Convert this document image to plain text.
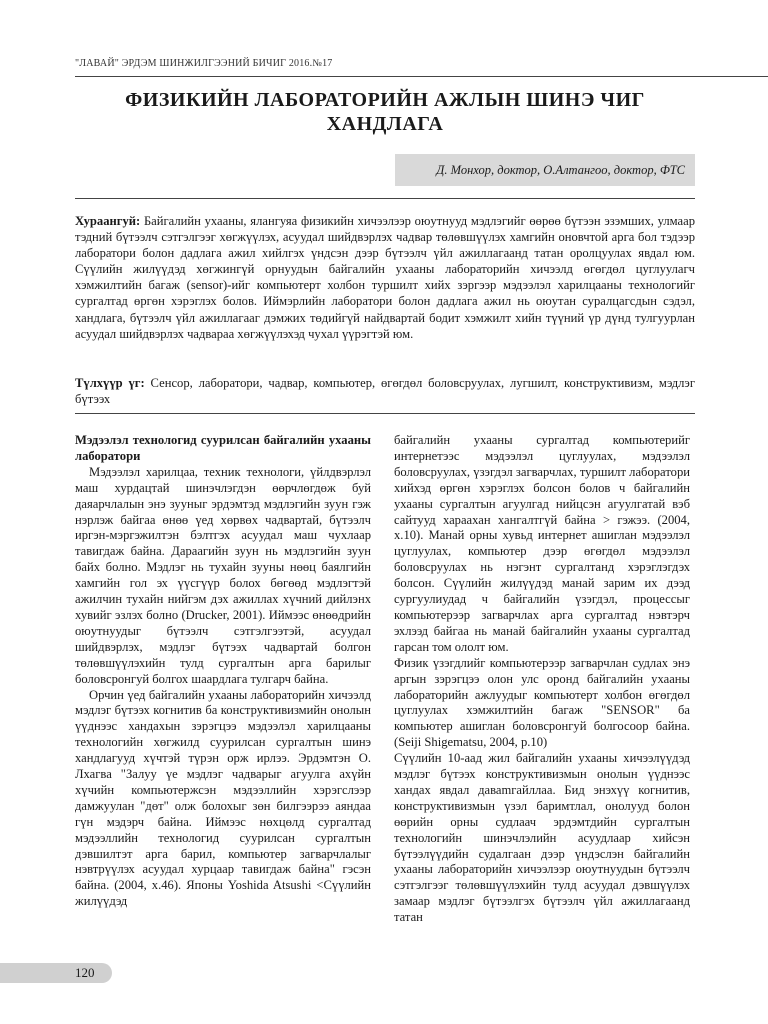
"ЛАВАЙ" ЭРДЭМ ШИНЖИЛГЭЭНИЙ БИЧИГ 2016.№17
ФИЗИКИЙН ЛАБОРАТОРИЙН АЖЛЫН ШИНЭ ЧИГ ХАНДЛАГА
Д. Монхор, доктор, О.Алтангоо, доктор, ФТС

Хураангуй: Байгалийн ухааны, ялангуяа физикийн хичээлээр оюутнууд мэдлэгийг өөрөө бүтээн эзэмших, улмаар тэдний бүтээлч сэтгэлгээг хөгжүүлэх, асуудал шийдвэрлэх чадвар төлөвшүүлэх хамгийн оновчтой арга бол тэдээр лаборатори болон дадлага ажил хийлгэх үндсэн дээр бүтээлч үйл ажиллагаанд татан оролцуулах явдал юм. Сүүлийн жилүүдэд хөгжингүй орнуудын байгалийн ухааны лабораторийн хичээлд өгөгдөл цуглуулагч хэмжилтийн багаж (sensor)-ийг компьютерт холбон туршилт хийх зэргээр мэдээлэл харилцааны технологийг сургалтад өргөн хэрэглэх болов. Иймэрлийн лаборатори болон дадлага ажил нь оюутан суралцагсдын сэдэл, хандлага, бүтээлч үйл ажиллагааг дэмжих төдийгүй найдвартай бодит хэмжилт хийн түүний үр дүнд тулгуурлан асуудал шийдвэрлэх чадвараа хөгжүүлэхэд чухал үүрэгтэй юм.

Түлхүүр үг: Сенсор, лаборатори, чадвар, компьютер, өгөгдөл боловсруулах, лугшилт, конструктивизм, мэдлэг бүтээх

Мэдээлэл технологид суурилсан байгалийн ухааны лаборатори

Мэдээлэл харилцаа, техник технологи, үйлдвэрлэл маш хурдацтай шинэчлэгдэн өөрчлөгдөж буй даяарчлалын энэ зууныг эрдэмтэд мэдлэгийн зуун гэж нэрлэж байгаа өнөө үед хөрвөх чадвартай, бүтээлч иргэн-мэргэжилтэн бэлтгэх асуудал маш чухлаар тавигдаж байна. Дараагийн зуун нь мэдлэгийн зуун байх болно. Мэдлэг нь тухайн зууны нөөц баялгийн хамгийн гол эх үүсгүүр болох бөгөөд мэдлэгтэй ажилчин тухайн нийгэм дэх ажиллах хүчний дийлэнх хувийг эзлэх болно (Drucker, 2001). Иймээс өнөөдрийн оюутнуудыг бүтээлч сэтгэлгээтэй, асуудал шийдвэрлэх, мэдлэг бүтээх чадвартай болгон төлөвшүүлэхийн тулд сургалтын арга барилыг боловсронгуй болгох шаардлага тулгарч байна.

Орчин үед байгалийн ухааны лабораторийн хичээлд мэдлэг бүтээх когнитив ба конструктивизмийн онолын үүднээс хандахын зэрэгцээ мэдээлэл харилцааны технологийн хөгжилд суурилсан сургалтын шинэ хандлагууд хүчтэй түрэн орж ирлээ. Эрдэмтэн О. Лхагва "Залуу үе мэдлэг чадварыг агуулга ахүйн хүчийн компьютержсэн мэдээллийн хэрэгслээр дамжуулан "дөт" олж болохыг зөн билгээрээ аяндаа гүн мэдэрч байна. Иймээс нөхцөлд сургалтад мэдээллийн технологид суурилсан сургалтын дэвшилтэт арга барил, компьютер загварчлалыг нэвтрүүлэх асуудал хурцаар тавигдаж байна" гэсэн байна. (2004, x.46). Японы Yoshida Atsushi <Сүүлийн жилүүдэд

байгалийн ухааны сургалтад компьютерийг интернетээс мэдээлэл цуглуулах, мэдээлэл боловсруулах, үзэгдэл загварчлах, туршилт лаборатори хийхэд өргөн хэрэглэх болсон болов ч байгалийн ухааны сургалтын агуулгад нийцсэн агуулгатай вэб сайтууд хараахан хангалтгүй байна > гэжээ. (2004, x.10). Манай орны хувьд интернет ашиглан мэдээлэл цуглуулах, компьютер дээр өгөгдөл мэдээлэл боловсруулах нь нэгэнт сургалтанд хэрэглэгдэх болсон. Сүүлийн жилүүдэд манай зарим их дээд сургуулиудад ч байгалийн үзэгдэл, процессыг компьютерээр загварчлах арга сургалтад нэвтэрч эхлээд байгаа нь манай байгалийн ухааны сургалтад гарсан том ололт юм.

Физик үзэгдлийг компьютерээр загварчлан судлах энэ аргын зэрэгцээ олон улс оронд байгалийн ухааны лабораторийн ажлуудыг компьютерт холбон өгөгдөл цуглуулах хэмжилтийн багаж "SENSOR" ба компьютер ашиглан боловсронгуй болгосоор байна. (Seiji Shigematsu, 2004, p.10)

Сүүлийн 10-аад жил байгалийн ухааны хичээлүүдэд мэдлэг бүтээх конструктивизмын онолын үүднээс хандах явдал даваmгайллаа. Бид энэхүү когнитив, конструктивизмын үзэл баримтлал, онолууд болон өөрийн орны судлаач эрдэмтдийн сургалтын технологийн шинэчлэлийн асуудлаар хийсэн бүтээлүүдийн судалгаан дээр үндэслэн байгалийн ухааны лабораторийн хичээлээр оюутнуудын бүтээлч сэтгэлгээг төлөвшүүлэхийн тулд асуудал дэвшүүлэх замаар мэдлэг бүтээлгэх бүтээлч үйл ажиллагаанд татан

120
